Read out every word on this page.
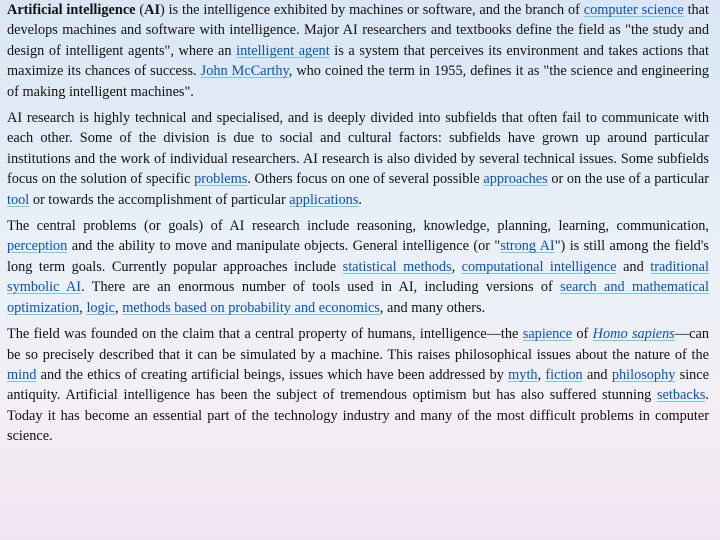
Artificial intelligence (AI) is the intelligence exhibited by machines or software, and the branch of computer science that develops machines and software with intelligence. Major AI researchers and textbooks define the field as "the study and design of intelligent agents", where an intelligent agent is a system that perceives its environment and takes actions that maximize its chances of success. John McCarthy, who coined the term in 1955, defines it as "the science and engineering of making intelligent machines".

AI research is highly technical and specialised, and is deeply divided into subfields that often fail to communicate with each other. Some of the division is due to social and cultural factors: subfields have grown up around particular institutions and the work of individual researchers. AI research is also divided by several technical issues. Some subfields focus on the solution of specific problems. Others focus on one of several possible approaches or on the use of a particular tool or towards the accomplishment of particular applications.

The central problems (or goals) of AI research include reasoning, knowledge, planning, learning, communication, perception and the ability to move and manipulate objects. General intelligence (or "strong AI") is still among the field's long term goals. Currently popular approaches include statistical methods, computational intelligence and traditional symbolic AI. There are an enormous number of tools used in AI, including versions of search and mathematical optimization, logic, methods based on probability and economics, and many others.

The field was founded on the claim that a central property of humans, intelligence—the sapience of Homo sapiens—can be so precisely described that it can be simulated by a machine. This raises philosophical issues about the nature of the mind and the ethics of creating artificial beings, issues which have been addressed by myth, fiction and philosophy since antiquity. Artificial intelligence has been the subject of tremendous optimism but has also suffered stunning setbacks. Today it has become an essential part of the technology industry and many of the most difficult problems in computer science.
